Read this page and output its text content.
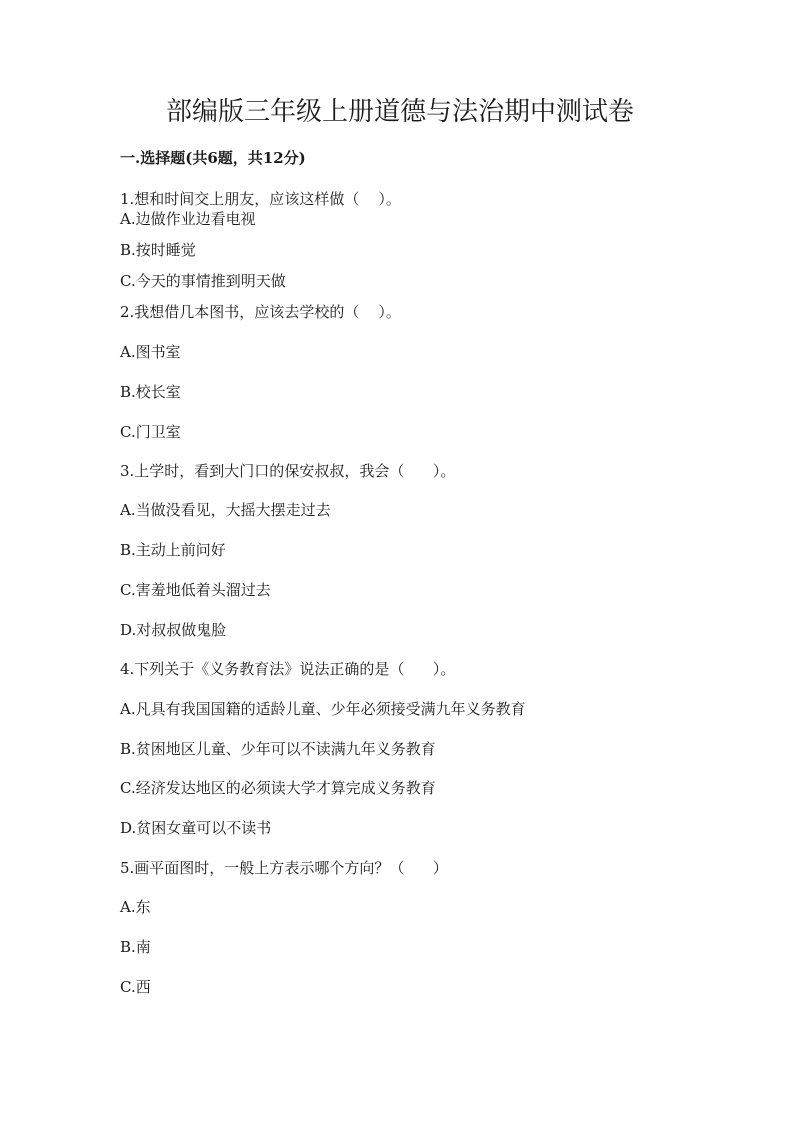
部编版三年级上册道德与法治期中测试卷
一.选择题(共6题，共12分)
1.想和时间交上朋友，应该这样做（    ）。
A.边做作业边看电视
B.按时睡觉
C.今天的事情推到明天做
2.我想借几本图书，应该去学校的（    ）。
A.图书室
B.校长室
C.门卫室
3.上学时，看到大门口的保安叔叔，我会（      ）。
A.当做没看见，大摇大摆走过去
B.主动上前问好
C.害羞地低着头溜过去
D.对叔叔做鬼脸
4.下列关于《义务教育法》说法正确的是（      ）。
A.凡具有我国国籍的适龄儿童、少年必须接受满九年义务教育
B.贫困地区儿童、少年可以不读满九年义务教育
C.经济发达地区的必须读大学才算完成义务教育
D.贫困女童可以不读书
5.画平面图时，一般上方表示哪个方向？（      ）
A.东
B.南
C.西
